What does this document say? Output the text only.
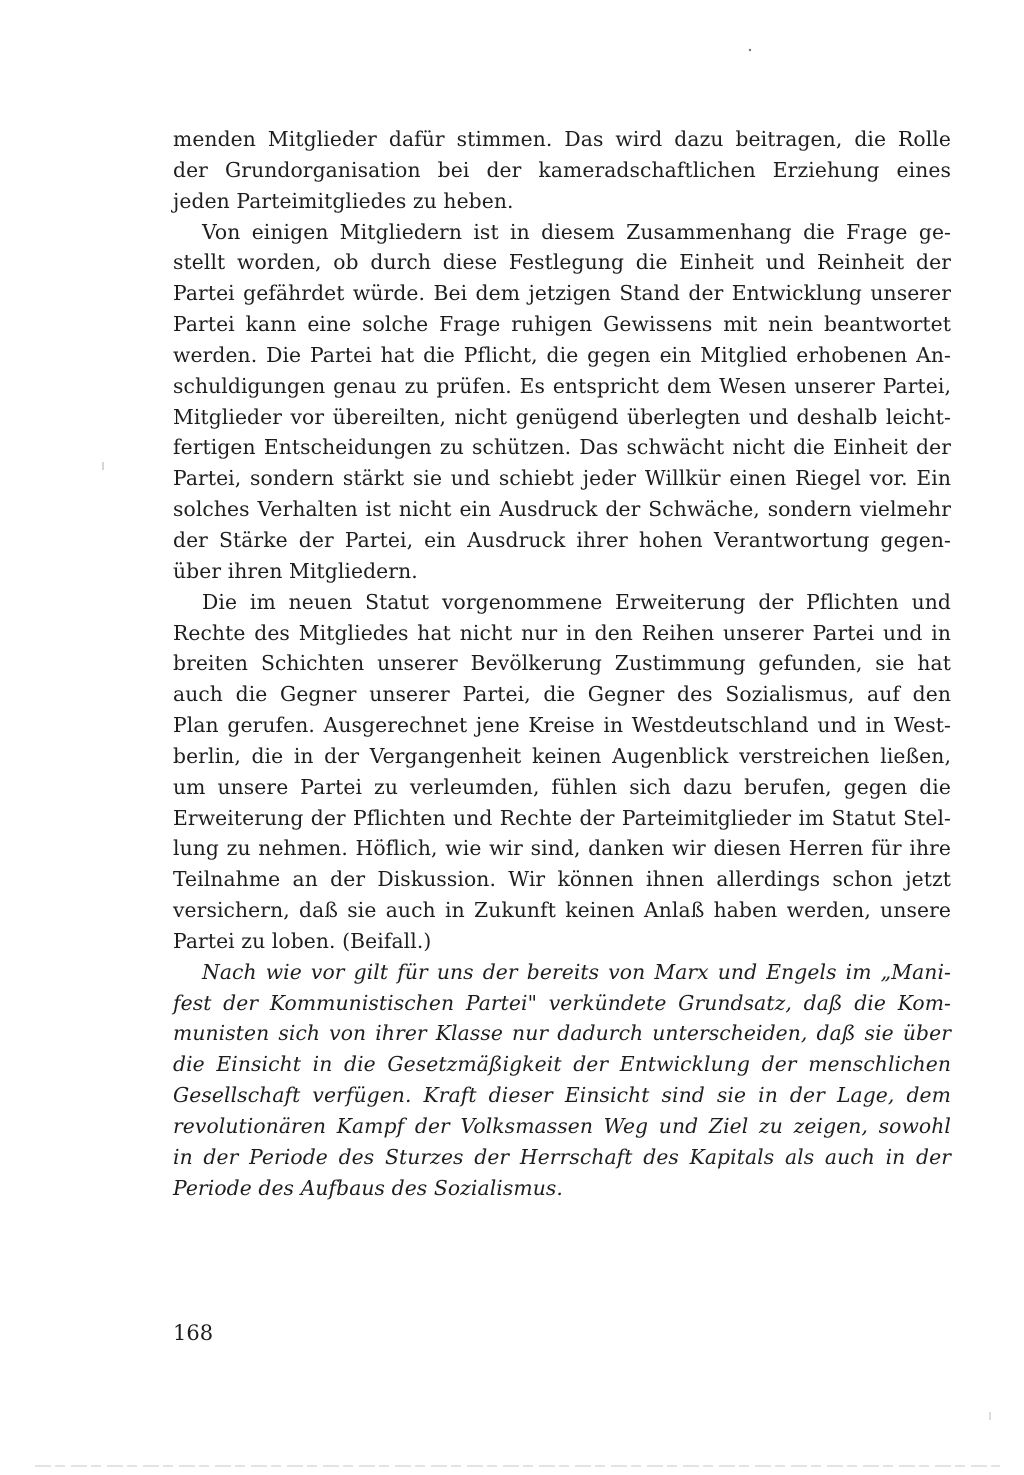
menden Mitglieder dafür stimmen. Das wird dazu beitragen, die Rolle
der Grundorganisation bei der kameradschaftlichen Erziehung eines
jeden Parteimitgliedes zu heben.
Von einigen Mitgliedern ist in diesem Zusammenhang die Frage ge-
stellt worden, ob durch diese Festlegung die Einheit und Reinheit der
Partei gefährdet würde. Bei dem jetzigen Stand der Entwicklung unserer
Partei kann eine solche Frage ruhigen Gewissens mit nein beantwortet
werden. Die Partei hat die Pflicht, die gegen ein Mitglied erhobenen An-
schuldigungen genau zu prüfen. Es entspricht dem Wesen unserer Partei,
Mitglieder vor übereilten, nicht genügend überlegten und deshalb leicht-
fertigen Entscheidungen zu schützen. Das schwächt nicht die Einheit der
Partei, sondern stärkt sie und schiebt jeder Willkür einen Riegel vor. Ein
solches Verhalten ist nicht ein Ausdruck der Schwäche, sondern vielmehr
der Stärke der Partei, ein Ausdruck ihrer hohen Verantwortung gegen-
über ihren Mitgliedern.
Die im neuen Statut vorgenommene Erweiterung der Pflichten und
Rechte des Mitgliedes hat nicht nur in den Reihen unserer Partei und in
breiten Schichten unserer Bevölkerung Zustimmung gefunden, sie hat
auch die Gegner unserer Partei, die Gegner des Sozialismus, auf den
Plan gerufen. Ausgerechnet jene Kreise in Westdeutschland und in West-
berlin, die in der Vergangenheit keinen Augenblick verstreichen ließen,
um unsere Partei zu verleumden, fühlen sich dazu berufen, gegen die
Erweiterung der Pflichten und Rechte der Parteimitglieder im Statut Stel-
lung zu nehmen. Höflich, wie wir sind, danken wir diesen Herren für ihre
Teilnahme an der Diskussion. Wir können ihnen allerdings schon jetzt
versichern, daß sie auch in Zukunft keinen Anlaß haben werden, unsere
Partei zu loben. (Beifall.)
Nach wie vor gilt für uns der bereits von Marx und Engels im „Mani-
fest der Kommunistischen Partei" verkündete Grundsatz, daß die Kom-
munisten sich von ihrer Klasse nur dadurch unterscheiden, daß sie über
die Einsicht in die Gesetzmäßigkeit der Entwicklung der menschlichen
Gesellschaft verfügen. Kraft dieser Einsicht sind sie in der Lage, dem
revolutionären Kampf der Volksmassen Weg und Ziel zu zeigen, sowohl
in der Periode des Sturzes der Herrschaft des Kapitals als auch in der
Periode des Aufbaus des Sozialismus.
168
